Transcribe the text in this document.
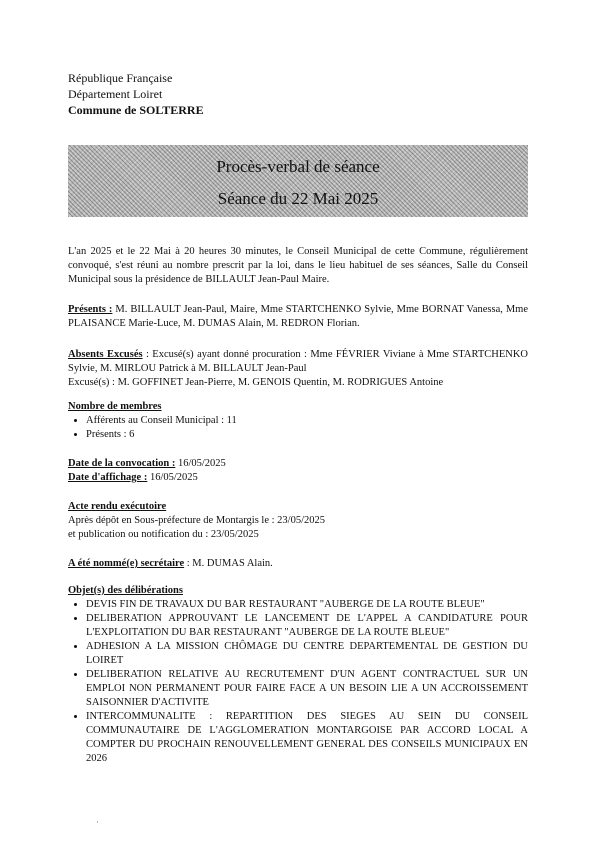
République Française
Département Loiret
Commune de SOLTERRE
Procès-verbal de séance
Séance du 22 Mai 2025
L'an 2025 et le 22 Mai à 20 heures 30 minutes, le Conseil Municipal de cette Commune, régulièrement convoqué, s'est réuni au nombre prescrit par la loi, dans le lieu habituel de ses séances, Salle du Conseil Municipal sous la présidence de BILLAULT Jean-Paul Maire.
Présents : M. BILLAULT Jean-Paul, Maire, Mme STARTCHENKO Sylvie, Mme BORNAT Vanessa, Mme PLAISANCE Marie-Luce, M. DUMAS Alain, M. REDRON Florian.
Absents Excusés : Excusé(s) ayant donné procuration : Mme FÉVRIER Viviane à Mme STARTCHENKO Sylvie, M. MIRLOU Patrick à M. BILLAULT Jean-Paul
Excusé(s) : M. GOFFINET Jean-Pierre, M. GENOIS Quentin, M. RODRIGUES Antoine
Nombre de membres
• Afférents au Conseil Municipal : 11
• Présents : 6
Date de la convocation : 16/05/2025
Date d'affichage : 16/05/2025
Acte rendu exécutoire
Après dépôt en Sous-préfecture de Montargis le : 23/05/2025
et publication ou notification du : 23/05/2025
A été nommé(e) secrétaire : M. DUMAS Alain.
Objet(s) des délibérations
• DEVIS FIN DE TRAVAUX DU BAR RESTAURANT "AUBERGE DE LA ROUTE BLEUE"
• DELIBERATION APPROUVANT LE LANCEMENT DE L'APPEL A CANDIDATURE POUR L'EXPLOITATION DU BAR RESTAURANT "AUBERGE DE LA ROUTE BLEUE"
• ADHESION A LA MISSION CHÔMAGE DU CENTRE DEPARTEMENTAL DE GESTION DU LOIRET
• DELIBERATION RELATIVE AU RECRUTEMENT D'UN AGENT CONTRACTUEL SUR UN EMPLOI NON PERMANENT POUR FAIRE FACE A UN BESOIN LIE A UN ACCROISSEMENT SAISONNIER D'ACTIVITE
• INTERCOMMUNALITE : REPARTITION DES SIEGES AU SEIN DU CONSEIL COMMUNAUTAIRE DE L'AGGLOMERATION MONTARGOISE PAR ACCORD LOCAL A COMPTER DU PROCHAIN RENOUVELLEMENT GENERAL DES CONSEILS MUNICIPAUX EN 2026
·
